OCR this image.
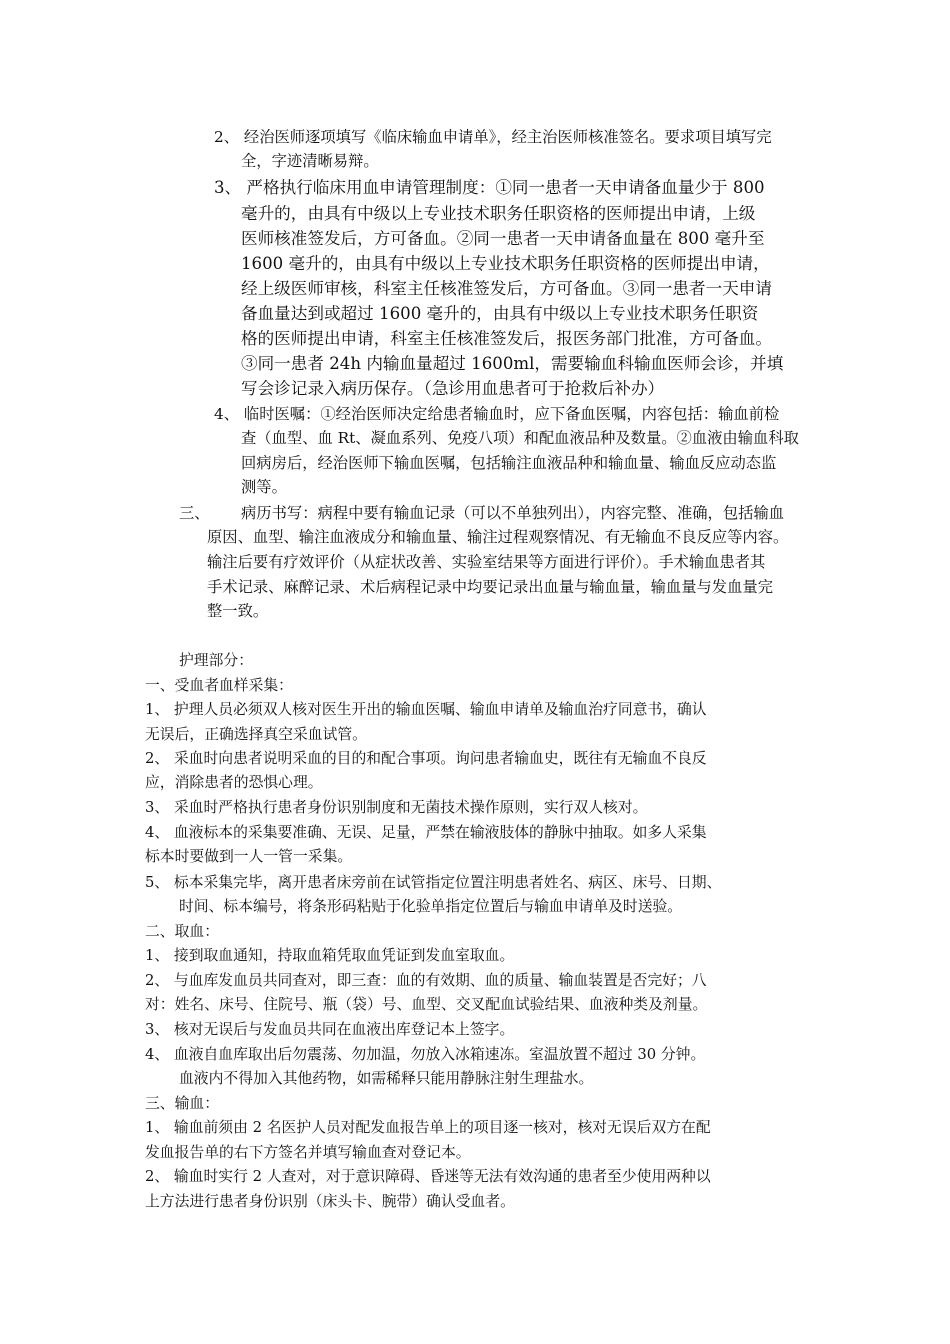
2、 经治医师逐项填写《临床输血申请单》，经主治医师核准签名。要求项目填写完
全，字迹清晰易辩。
3、 严格执行临床用血申请管理制度：①同一患者一天申请备血量少于 800
毫升的，由具有中级以上专业技术职务任职资格的医师提出申请，上级
医师核准签发后，方可备血。②同一患者一天申请备血量在 800 毫升至
1600 毫升的，由具有中级以上专业技术职务任职资格的医师提出申请，
经上级医师审核，科室主任核准签发后，方可备血。③同一患者一天申请
备血量达到或超过 1600 毫升的，由具有中级以上专业技术职务任职资
格的医师提出申请，科室主任核准签发后，报医务部门批准，方可备血。
③同一患者 24h 内输血量超过 1600ml，需要输血科输血医师会诊，并填
写会诊记录入病历保存。（急诊用血患者可于抢救后补办）
4、 临时医嘱：①经治医师决定给患者输血时，应下备血医嘱，内容包括：输血前检
查（血型、血 Rt、凝血系列、免疫八项）和配血液品种及数量。②血液由输血科取
回病房后，经治医师下输血医嘱，包括输注血液品种和输血量、输血反应动态监
测等。
三、 病历书写：病程中要有输血记录（可以不单独列出），内容完整、准确，包括输血
原因、血型、输注血液成分和输血量、输注过程观察情况、有无输血不良反应等内容。
输注后要有疗效评价（从症状改善、实验室结果等方面进行评价）。手术输血患者其
手术记录、麻醉记录、术后病程记录中均要记录出血量与输血量，输血量与发血量完
整一致。
护理部分：
一、受血者血样采集：
1、 护理人员必须双人核对医生开出的输血医嘱、输血申请单及输血治疗同意书，确认
无误后，正确选择真空采血试管。
2、 采血时向患者说明采血的目的和配合事项。询问患者输血史，既往有无输血不良反
应，消除患者的恐惧心理。
3、 采血时严格执行患者身份识别制度和无菌技术操作原则，实行双人核对。
4、 血液标本的采集要准确、无误、足量，严禁在输液肢体的静脉中抽取。如多人采集
标本时要做到一人一管一采集。
5、 标本采集完毕，离开患者床旁前在试管指定位置注明患者姓名、病区、床号、日期、
时间、标本编号，将条形码粘贴于化验单指定位置后与输血申请单及时送验。
二、取血：
1、 接到取血通知，持取血箱凭取血凭证到发血室取血。
2、 与血库发血员共同查对，即三查：血的有效期、血的质量、输血装置是否完好；八
对：姓名、床号、住院号、瓶（袋）号、血型、交叉配血试验结果、血液种类及剂量。
3、 核对无误后与发血员共同在血液出库登记本上签字。
4、 血液自血库取出后勿震荡、勿加温，勿放入冰箱速冻。室温放置不超过 30 分钟。
血液内不得加入其他药物，如需稀释只能用静脉注射生理盐水。
三、输血：
1、 输血前须由 2 名医护人员对配发血报告单上的项目逐一核对，核对无误后双方在配
发血报告单的右下方签名并填写输血查对登记本。
2、 输血时实行 2 人查对，对于意识障碍、昏迷等无法有效沟通的患者至少使用两种以
上方法进行患者身份识别（床头卡、腕带）确认受血者。
